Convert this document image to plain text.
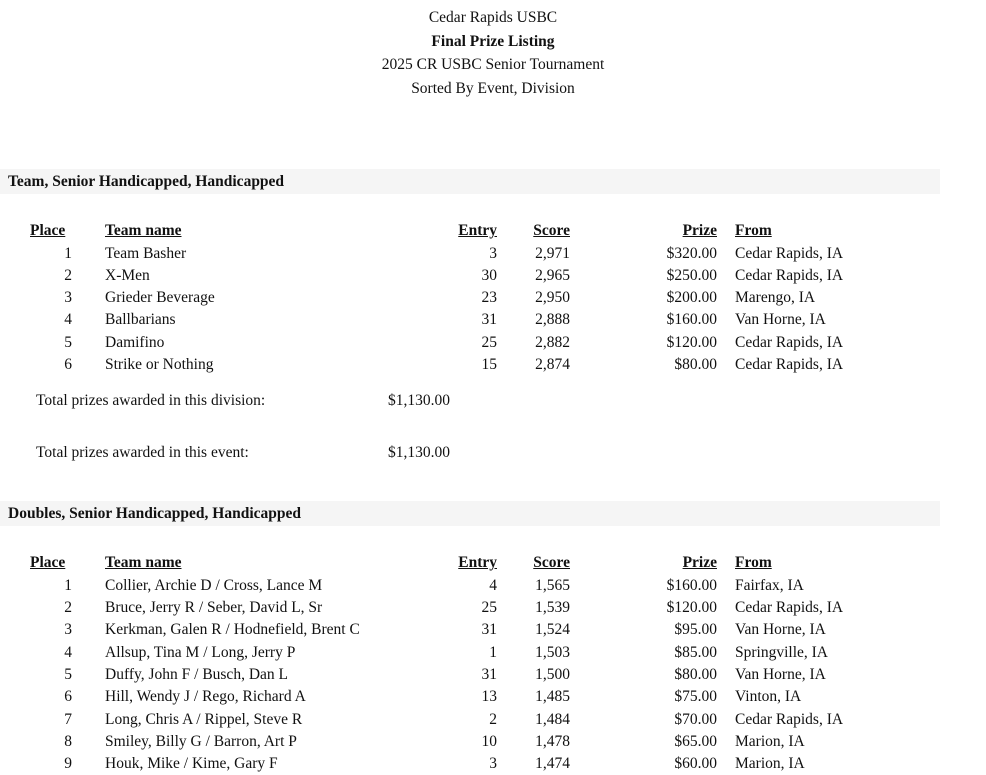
Cedar Rapids USBC
Final Prize Listing
2025 CR USBC Senior Tournament
Sorted By Event, Division
Team, Senior Handicapped, Handicapped
Place	Team name	Entry	Score	Prize	From
1	Team Basher	3	2,971	$320.00	Cedar Rapids, IA
2	X-Men	30	2,965	$250.00	Cedar Rapids, IA
3	Grieder Beverage	23	2,950	$200.00	Marengo, IA
4	Ballbarians	31	2,888	$160.00	Van Horne, IA
5	Damifino	25	2,882	$120.00	Cedar Rapids, IA
6	Strike or Nothing	15	2,874	$80.00	Cedar Rapids, IA
Total prizes awarded in this division:	$1,130.00
Total prizes awarded in this event:	$1,130.00
Doubles, Senior Handicapped, Handicapped
Place	Team name	Entry	Score	Prize	From
1	Collier, Archie D / Cross, Lance M	4	1,565	$160.00	Fairfax, IA
2	Bruce, Jerry R / Seber, David L, Sr	25	1,539	$120.00	Cedar Rapids, IA
3	Kerkman, Galen R / Hodnefield, Brent C	31	1,524	$95.00	Van Horne, IA
4	Allsup, Tina M / Long, Jerry P	1	1,503	$85.00	Springville, IA
5	Duffy, John F / Busch, Dan L	31	1,500	$80.00	Van Horne, IA
6	Hill, Wendy J / Rego, Richard A	13	1,485	$75.00	Vinton, IA
7	Long, Chris A / Rippel, Steve R	2	1,484	$70.00	Cedar Rapids, IA
8	Smiley, Billy G / Barron, Art P	10	1,478	$65.00	Marion, IA
9	Houk, Mike / Kime, Gary F	3	1,474	$60.00	Marion, IA
